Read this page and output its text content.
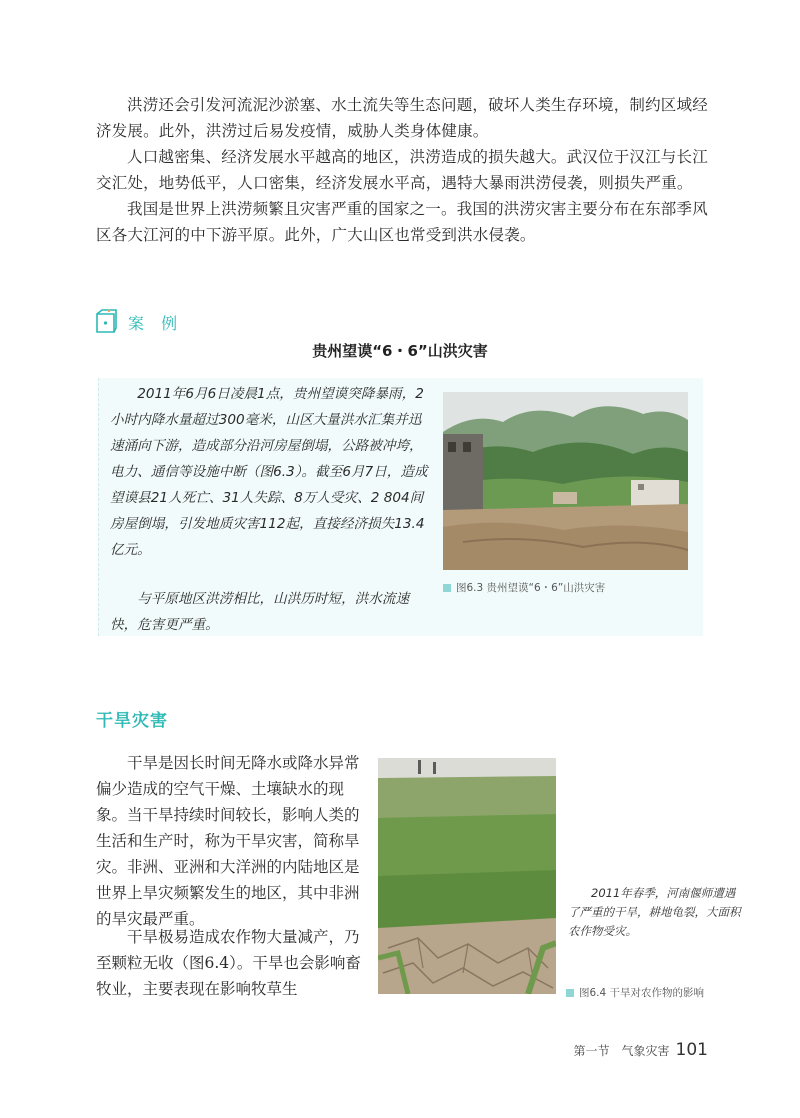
洪涝还会引发河流泥沙淤塞、水土流失等生态问题，破坏人类生存环境，制约区域经济发展。此外，洪涝过后易发疫情，威胁人类身体健康。

人口越密集、经济发展水平越高的地区，洪涝造成的损失越大。武汉位于汉江与长江交汇处，地势低平，人口密集，经济发展水平高，遇特大暴雨洪涝侵袭，则损失严重。

我国是世界上洪涝频繁且灾害严重的国家之一。我国的洪涝灾害主要分布在东部季风区各大江河的中下游平原。此外，广大山区也常受到洪水侵袭。

案 例
贵州望谟“6・6”山洪灾害

2011年6月6日凌晨1点，贵州望谟突降暴雨，2小时内降水量超过300毫米，山区大量洪水汇集并迅速涌向下游，造成部分沿河房屋倒塌，公路被冲垮，电力、通信等设施中断（图6.3）。截至6月7日，造成望谟县21人死亡、31人失踪、8万人受灾、2 804间房屋倒塌，引发地质灾害112起，直接经济损失13.4亿元。

与平原地区洪涝相比，山洪历时短，洪水流速快，危害更严重。

图6.3 贵州望谟“6・6”山洪灾害
干旱灾害

干旱是因长时间无降水或降水异常偏少造成的空气干燥、土壤缺水的现象。当干旱持续时间较长，影响人类的生活和生产时，称为干旱灾害，简称旱灾。非洲、亚洲和大洋洲的内陆地区是世界上旱灾频繁发生的地区，其中非洲的旱灾最严重。

干旱极易造成农作物大量减产，乃至颗粒无收（图6.4）。干旱也会影响畜牧业，主要表现在影响牧草生

2011年春季，河南偃师遭遇了严重的干旱，耕地龟裂，大面积农作物受灾。

图6.4 干旱对农作物的影响
第一节　气象灾害 101
